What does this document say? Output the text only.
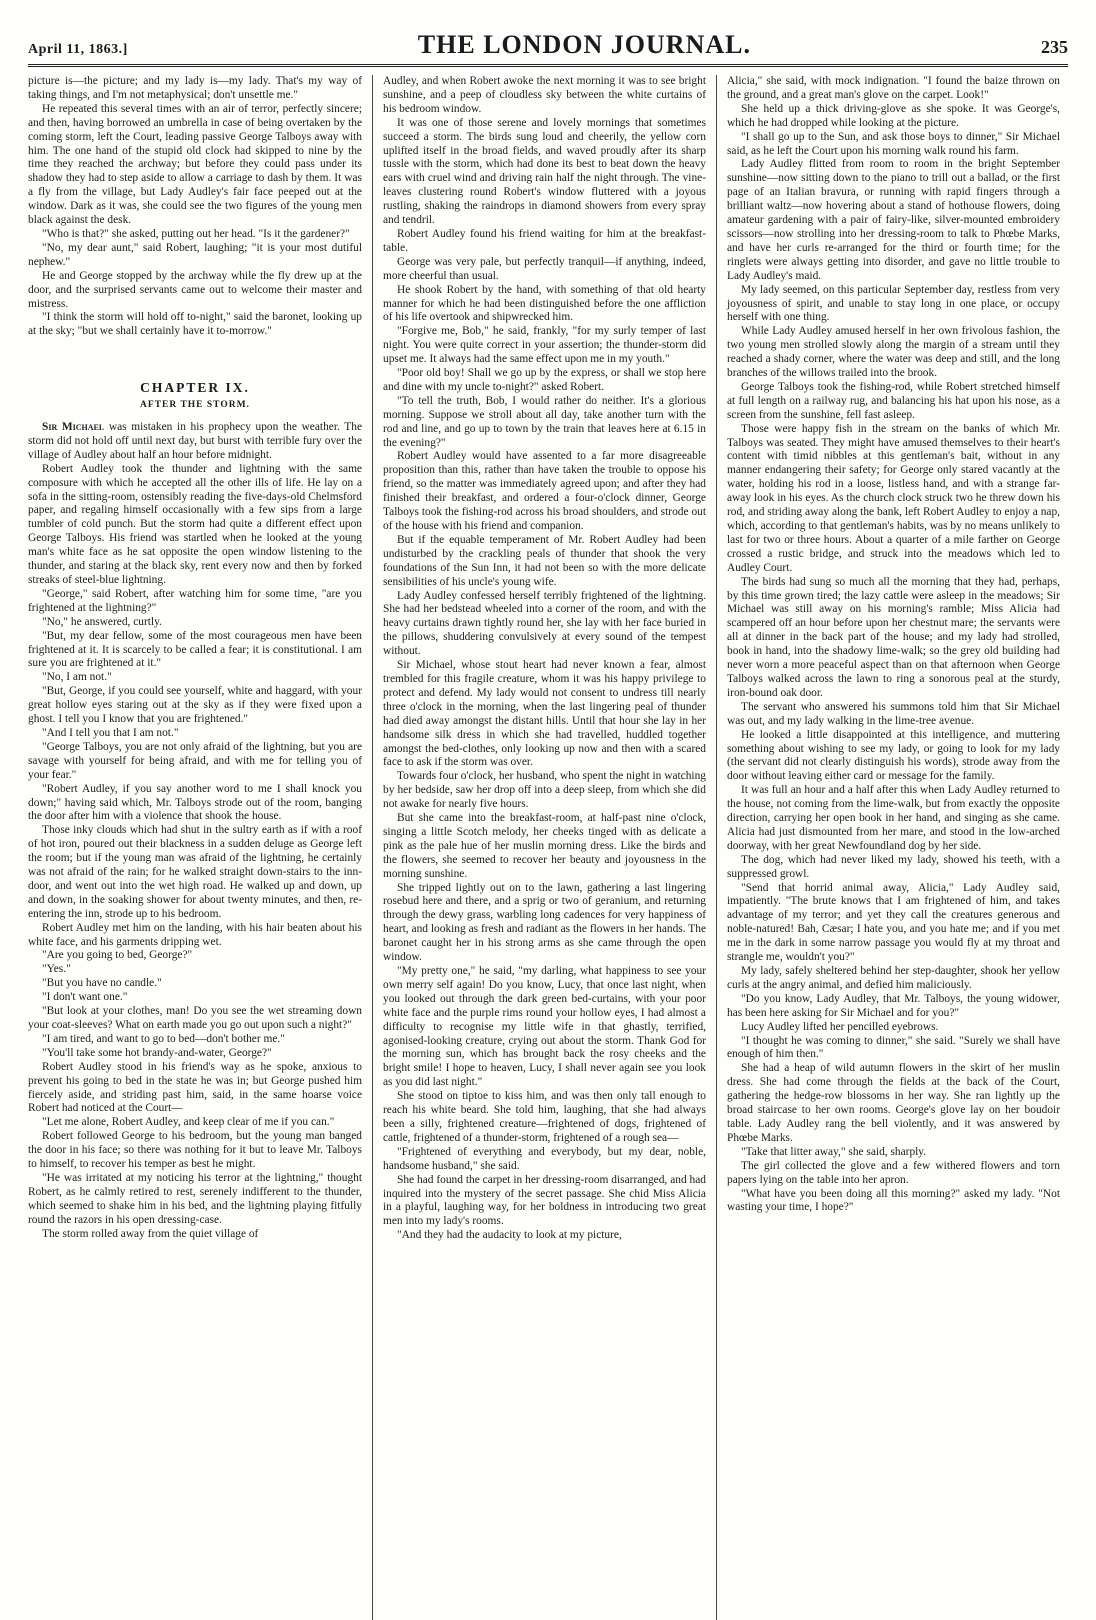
April 11, 1863.]	THE LONDON JOURNAL.	235

picture is—the picture; and my lady is—my lady. That's my way of taking things, and I'm not metaphysical; don't unsettle me."

He repeated this several times with an air of terror, perfectly sincere; and then, having borrowed an umbrella in case of being overtaken by the coming storm, left the Court, leading passive George Talboys away with him. The one hand of the stupid old clock had skipped to nine by the time they reached the archway; but before they could pass under its shadow they had to step aside to allow a carriage to dash by them. It was a fly from the village, but Lady Audley's fair face peeped out at the window. Dark as it was, she could see the two figures of the young men black against the desk.

"Who is that?" she asked, putting out her head. "Is it the gardener?"

"No, my dear aunt," said Robert, laughing; "it is your most dutiful nephew."

He and George stopped by the archway while the fly drew up at the door, and the surprised servants came out to welcome their master and mistress.

"I think the storm will hold off to-night," said the baronet, looking up at the sky; "but we shall certainly have it to-morrow."

CHAPTER IX.
AFTER THE STORM.

Sir Michael was mistaken in his prophecy upon the weather. The storm did not hold off until next day, but burst with terrible fury over the village of Audley about half an hour before midnight.

Robert Audley took the thunder and lightning with the same composure with which he accepted all the other ills of life. He lay on a sofa in the sitting-room, ostensibly reading the five-days-old Chelmsford paper, and regaling himself occasionally with a few sips from a large tumbler of cold punch. But the storm had quite a different effect upon George Talboys. His friend was startled when he looked at the young man's white face as he sat opposite the open window listening to the thunder, and staring at the black sky, rent every now and then by forked streaks of steel-blue lightning.

"George," said Robert, after watching him for some time, "are you frightened at the lightning?"

"No," he answered, curtly.

"But, my dear fellow, some of the most courageous men have been frightened at it. It is scarcely to be called a fear; it is constitutional. I am sure you are frightened at it."

"No, I am not."

"But, George, if you could see yourself, white and haggard, with your great hollow eyes staring out at the sky as if they were fixed upon a ghost. I tell you I know that you are frightened."

"And I tell you that I am not."

"George Talboys, you are not only afraid of the lightning, but you are savage with yourself for being afraid, and with me for telling you of your fear."

"Robert Audley, if you say another word to me I shall knock you down;" having said which, Mr. Talboys strode out of the room, banging the door after him with a violence that shook the house.

Those inky clouds which had shut in the sultry earth as if with a roof of hot iron, poured out their blackness in a sudden deluge as George left the room; but if the young man was afraid of the lightning, he certainly was not afraid of the rain; for he walked straight down-stairs to the inn-door, and went out into the wet high road. He walked up and down, up and down, in the soaking shower for about twenty minutes, and then, re-entering the inn, strode up to his bedroom.

Robert Audley met him on the landing, with his hair beaten about his white face, and his garments dripping wet.

"Are you going to bed, George?"

"Yes."

"But you have no candle."

"I don't want one."

"But look at your clothes, man! Do you see the wet streaming down your coat-sleeves? What on earth made you go out upon such a night?"

"I am tired, and want to go to bed—don't bother me."

"You'll take some hot brandy-and-water, George?"

Robert Audley stood in his friend's way as he spoke, anxious to prevent his going to bed in the state he was in; but George pushed him fiercely aside, and striding past him, said, in the same hoarse voice Robert had noticed at the Court—

"Let me alone, Robert Audley, and keep clear of me if you can."

Robert followed George to his bedroom, but the young man banged the door in his face; so there was nothing for it but to leave Mr. Talboys to himself, to recover his temper as best he might.

"He was irritated at my noticing his terror at the lightning," thought Robert, as he calmly retired to rest, serenely indifferent to the thunder, which seemed to shake him in his bed, and the lightning playing fitfully round the razors in his open dressing-case.

The storm rolled away from the quiet village of

Audley, and when Robert awoke the next morning it was to see bright sunshine, and a peep of cloudless sky between the white curtains of his bedroom window.

It was one of those serene and lovely mornings that sometimes succeed a storm. The birds sung loud and cheerily, the yellow corn uplifted itself in the broad fields, and waved proudly after its sharp tussle with the storm, which had done its best to beat down the heavy ears with cruel wind and driving rain half the night through. The vine-leaves clustering round Robert's window fluttered with a joyous rustling, shaking the raindrops in diamond showers from every spray and tendril.

Robert Audley found his friend waiting for him at the breakfast-table.

George was very pale, but perfectly tranquil—if anything, indeed, more cheerful than usual.

He shook Robert by the hand, with something of that old hearty manner for which he had been distinguished before the one affliction of his life overtook and shipwrecked him.

"Forgive me, Bob," he said, frankly, "for my surly temper of last night. You were quite correct in your assertion; the thunder-storm did upset me. It always had the same effect upon me in my youth."

"Poor old boy! Shall we go up by the express, or shall we stop here and dine with my uncle to-night?" asked Robert.

"To tell the truth, Bob, I would rather do neither. It's a glorious morning. Suppose we stroll about all day, take another turn with the rod and line, and go up to town by the train that leaves here at 6.15 in the evening?"

Robert Audley would have assented to a far more disagreeable proposition than this, rather than have taken the trouble to oppose his friend, so the matter was immediately agreed upon; and after they had finished their breakfast, and ordered a four-o'clock dinner, George Talboys took the fishing-rod across his broad shoulders, and strode out of the house with his friend and companion.

But if the equable temperament of Mr. Robert Audley had been undisturbed by the crackling peals of thunder that shook the very foundations of the Sun Inn, it had not been so with the more delicate sensibilities of his uncle's young wife.

Lady Audley confessed herself terribly frightened of the lightning. She had her bedstead wheeled into a corner of the room, and with the heavy curtains drawn tightly round her, she lay with her face buried in the pillows, shuddering convulsively at every sound of the tempest without.

Sir Michael, whose stout heart had never known a fear, almost trembled for this fragile creature, whom it was his happy privilege to protect and defend. My lady would not consent to undress till nearly three o'clock in the morning, when the last lingering peal of thunder had died away amongst the distant hills. Until that hour she lay in her handsome silk dress in which she had travelled, huddled together amongst the bed-clothes, only looking up now and then with a scared face to ask if the storm was over.

Towards four o'clock, her husband, who spent the night in watching by her bedside, saw her drop off into a deep sleep, from which she did not awake for nearly five hours.

But she came into the breakfast-room, at half-past nine o'clock, singing a little Scotch melody, her cheeks tinged with as delicate a pink as the pale hue of her muslin morning dress. Like the birds and the flowers, she seemed to recover her beauty and joyousness in the morning sunshine.

She tripped lightly out on to the lawn, gathering a last lingering rosebud here and there, and a sprig or two of geranium, and returning through the dewy grass, warbling long cadences for very happiness of heart, and looking as fresh and radiant as the flowers in her hands. The baronet caught her in his strong arms as she came through the open window.

"My pretty one," he said, "my darling, what happiness to see your own merry self again! Do you know, Lucy, that once last night, when you looked out through the dark green bed-curtains, with your poor white face and the purple rims round your hollow eyes, I had almost a difficulty to recognise my little wife in that ghastly, terrified, agonised-looking creature, crying out about the storm. Thank God for the morning sun, which has brought back the rosy cheeks and the bright smile! I hope to heaven, Lucy, I shall never again see you look as you did last night."

She stood on tiptoe to kiss him, and was then only tall enough to reach his white beard. She told him, laughing, that she had always been a silly, frightened creature—frightened of dogs, frightened of cattle, frightened of a thunder-storm, frightened of a rough sea—

"Frightened of everything and everybody, but my dear, noble, handsome husband," she said.

She had found the carpet in her dressing-room disarranged, and had inquired into the mystery of the secret passage. She chid Miss Alicia in a playful, laughing way, for her boldness in introducing two great men into my lady's rooms.

"And they had the audacity to look at my picture,

Alicia," she said, with mock indignation. "I found the baize thrown on the ground, and a great man's glove on the carpet. Look!"

She held up a thick driving-glove as she spoke. It was George's, which he had dropped while looking at the picture.

"I shall go up to the Sun, and ask those boys to dinner," Sir Michael said, as he left the Court upon his morning walk round his farm.

Lady Audley flitted from room to room in the bright September sunshine—now sitting down to the piano to trill out a ballad, or the first page of an Italian bravura, or running with rapid fingers through a brilliant waltz—now hovering about a stand of hothouse flowers, doing amateur gardening with a pair of fairy-like, silver-mounted embroidery scissors—now strolling into her dressing-room to talk to Phœbe Marks, and have her curls re-arranged for the third or fourth time; for the ringlets were always getting into disorder, and gave no little trouble to Lady Audley's maid.

My lady seemed, on this particular September day, restless from very joyousness of spirit, and unable to stay long in one place, or occupy herself with one thing.

While Lady Audley amused herself in her own frivolous fashion, the two young men strolled slowly along the margin of a stream until they reached a shady corner, where the water was deep and still, and the long branches of the willows trailed into the brook.

George Talboys took the fishing-rod, while Robert stretched himself at full length on a railway rug, and balancing his hat upon his nose, as a screen from the sunshine, fell fast asleep.

Those were happy fish in the stream on the banks of which Mr. Talboys was seated. They might have amused themselves to their heart's content with timid nibbles at this gentleman's bait, without in any manner endangering their safety; for George only stared vacantly at the water, holding his rod in a loose, listless hand, and with a strange far-away look in his eyes. As the church clock struck two he threw down his rod, and striding away along the bank, left Robert Audley to enjoy a nap, which, according to that gentleman's habits, was by no means unlikely to last for two or three hours. About a quarter of a mile farther on George crossed a rustic bridge, and struck into the meadows which led to Audley Court.

The birds had sung so much all the morning that they had, perhaps, by this time grown tired; the lazy cattle were asleep in the meadows; Sir Michael was still away on his morning's ramble; Miss Alicia had scampered off an hour before upon her chestnut mare; the servants were all at dinner in the back part of the house; and my lady had strolled, book in hand, into the shadowy lime-walk; so the grey old building had never worn a more peaceful aspect than on that afternoon when George Talboys walked across the lawn to ring a sonorous peal at the sturdy, iron-bound oak door.

The servant who answered his summons told him that Sir Michael was out, and my lady walking in the lime-tree avenue.

He looked a little disappointed at this intelligence, and muttering something about wishing to see my lady, or going to look for my lady (the servant did not clearly distinguish his words), strode away from the door without leaving either card or message for the family.

It was full an hour and a half after this when Lady Audley returned to the house, not coming from the lime-walk, but from exactly the opposite direction, carrying her open book in her hand, and singing as she came. Alicia had just dismounted from her mare, and stood in the low-arched doorway, with her great Newfoundland dog by her side.

The dog, which had never liked my lady, showed his teeth, with a suppressed growl.

"Send that horrid animal away, Alicia," Lady Audley said, impatiently. "The brute knows that I am frightened of him, and takes advantage of my terror; and yet they call the creatures generous and noble-natured! Bah, Cæsar; I hate you, and you hate me; and if you met me in the dark in some narrow passage you would fly at my throat and strangle me, wouldn't you?"

My lady, safely sheltered behind her step-daughter, shook her yellow curls at the angry animal, and defied him maliciously.

"Do you know, Lady Audley, that Mr. Talboys, the young widower, has been here asking for Sir Michael and for you?"

Lucy Audley lifted her pencilled eyebrows.

"I thought he was coming to dinner," she said. "Surely we shall have enough of him then."

She had a heap of wild autumn flowers in the skirt of her muslin dress. She had come through the fields at the back of the Court, gathering the hedge-row blossoms in her way. She ran lightly up the broad staircase to her own rooms. George's glove lay on her boudoir table. Lady Audley rang the bell violently, and it was answered by Phœbe Marks.

"Take that litter away," she said, sharply.

The girl collected the glove and a few withered flowers and torn papers lying on the table into her apron.

"What have you been doing all this morning?" asked my lady. "Not wasting your time, I hope?"
